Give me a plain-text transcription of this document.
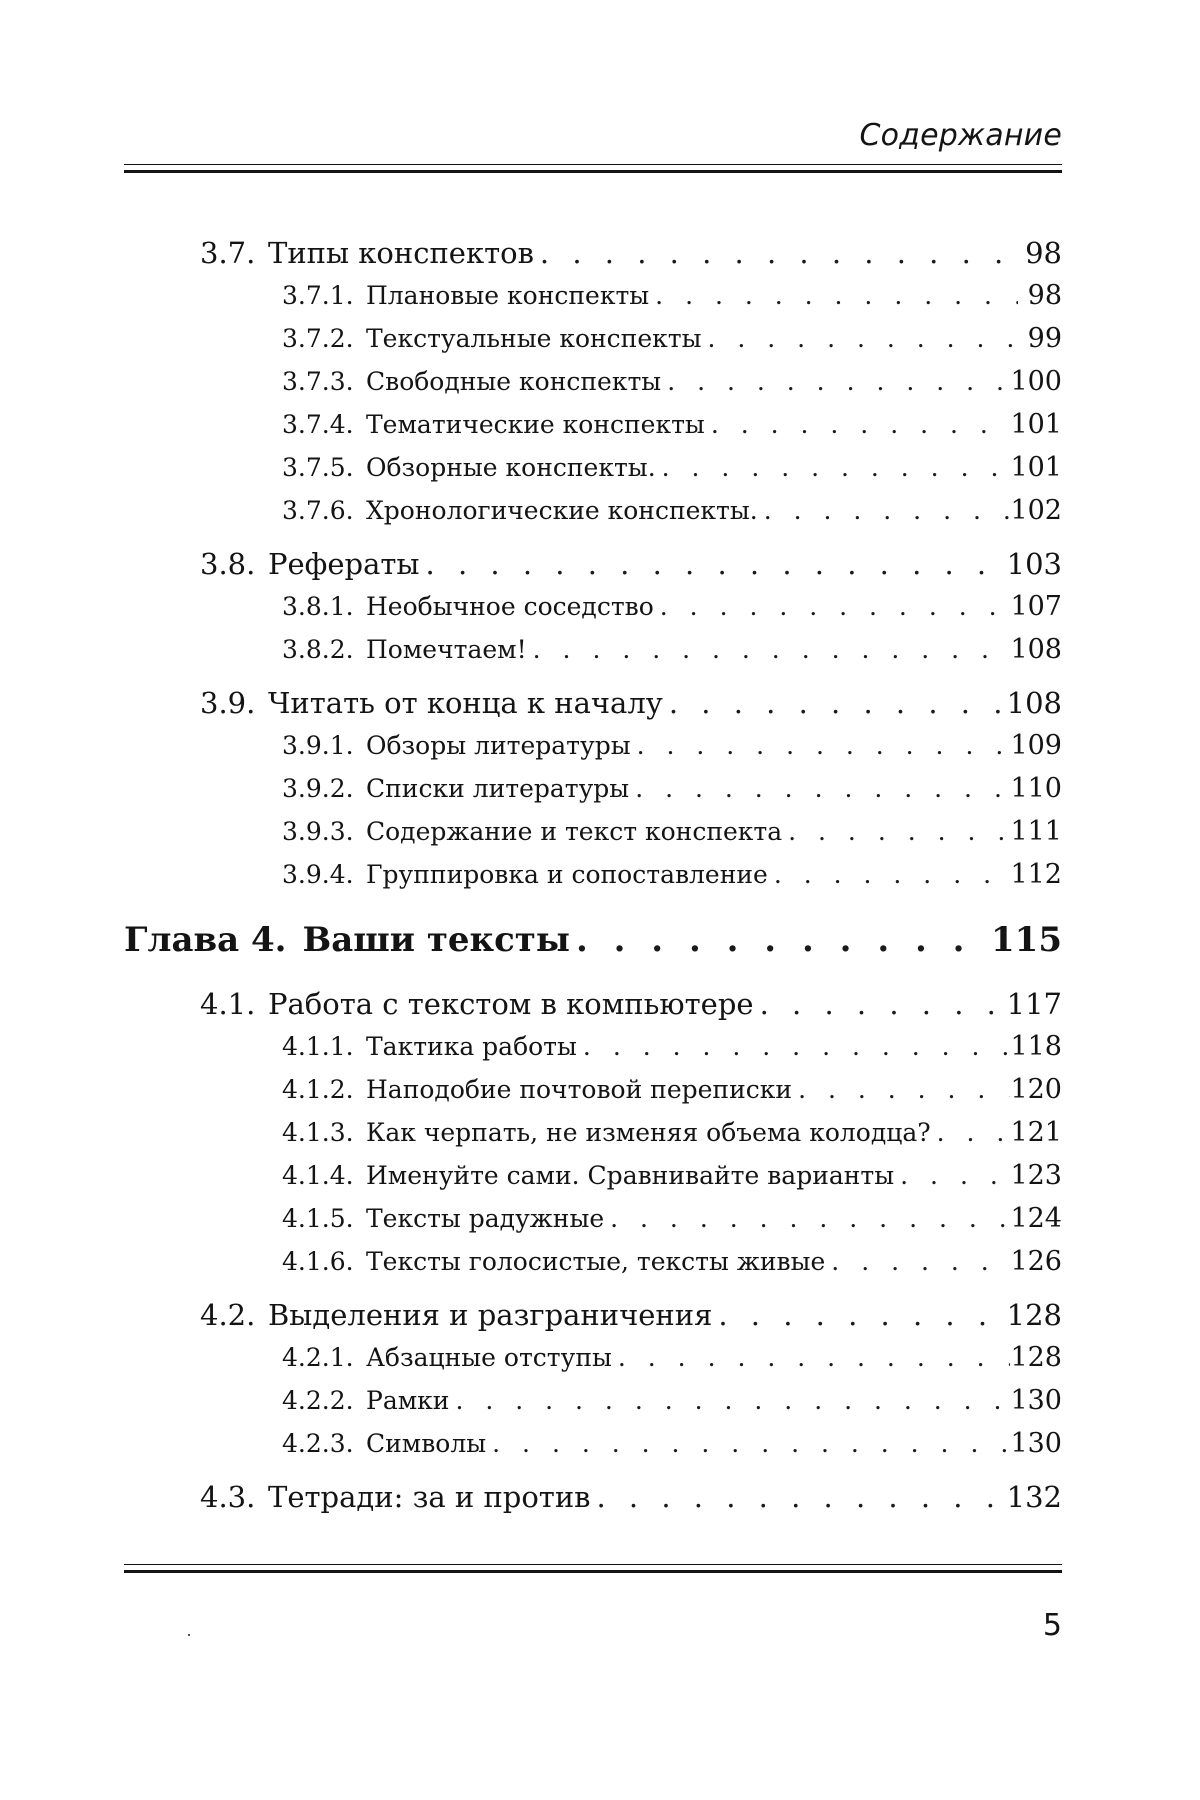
Содержание
3.7. Типы конспектов . . .	98
3.7.1. Плановые конспекты . . .	98
3.7.2. Текстуальные конспекты . . .	99
3.7.3. Свободные конспекты . . .	100
3.7.4. Тематические конспекты . . .	101
3.7.5. Обзорные конспекты. . . .	101
3.7.6. Хронологические конспекты. . . .	102
3.8. Рефераты . . .	103
3.8.1. Необычное соседство . . .	107
3.8.2. Помечтаем! . . .	108
3.9. Читать от конца к началу . . .	108
3.9.1. Обзоры литературы . . .	109
3.9.2. Списки литературы . . .	110
3.9.3. Содержание и текст конспекта . . .	111
3.9.4. Группировка и сопоставление . . .	112
Глава 4. Ваши тексты . . .	115
4.1. Работа с текстом в компьютере . . .	117
4.1.1. Тактика работы . . .	118
4.1.2. Наподобие почтовой переписки . . .	120
4.1.3. Как черпать, не изменяя объема колодца? . . .	121
4.1.4. Именуйте сами. Сравнивайте варианты . . .	123
4.1.5. Тексты радужные . . .	124
4.1.6. Тексты голосистые, тексты живые . . .	126
4.2. Выделения и разграничения . . .	128
4.2.1. Абзацные отступы . . .	128
4.2.2. Рамки . . .	130
4.2.3. Символы . . .	130
4.3. Тетради: за и против . . .	132
5
